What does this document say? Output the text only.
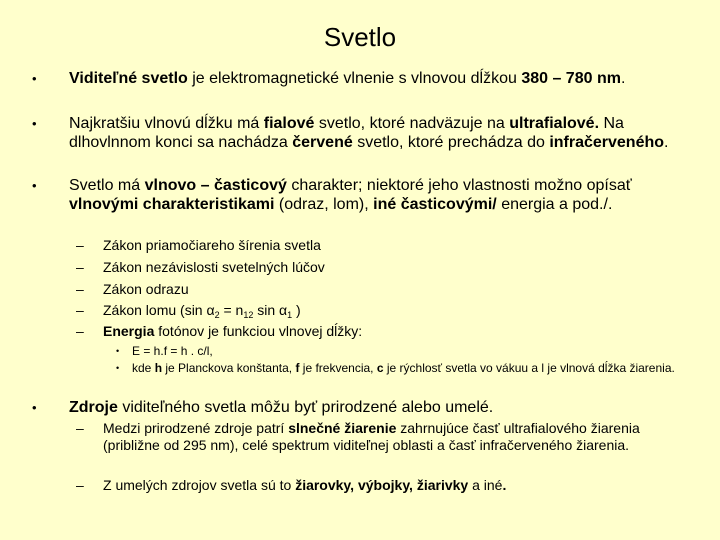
Svetlo
• Viditeľné svetlo je elektromagnetické vlnenie s vlnovou dĺžkou 380 – 780 nm.
• Najkratšiu vlnovú dĺžku má fialové svetlo, ktoré nadväzuje na ultrafialové. Na dlhovlnnom konci sa nachádza červené svetlo, ktoré prechádza do infračerveného.
• Svetlo má vlnovo – časticový charakter; niektoré jeho vlastnosti možno opísať vlnovými charakteristikami (odraz, lom), iné časticovými/ energia a pod./.
– Zákon priamočiareho šírenia svetla
– Zákon nezávislosti svetelných lúčov
– Zákon odrazu
– Zákon lomu (sin $\alpha_2 = n_{12}$ $\sin \alpha_1$ )
– Energia fotónov je funkciou vlnovej dĺžky:
• E = h.f = h . c/l,
• kde h je Planckova konštanta, f je frekvencia, c je rýchlosť svetla vo vákuu a l je vlnová dĺžka žiarenia.
• Zdroje viditeľného svetla môžu byť prirodzené alebo umelé.
– Medzi prirodzené zdroje patrí slnečné žiarenie zahrnujúce časť ultrafialového žiarenia (približne od 295 nm), celé spektrum viditeľnej oblasti a časť infračerveného žiarenia.
– Z umelých zdrojov svetla sú to žiarovky, výbojky, žiarivky a iné.
